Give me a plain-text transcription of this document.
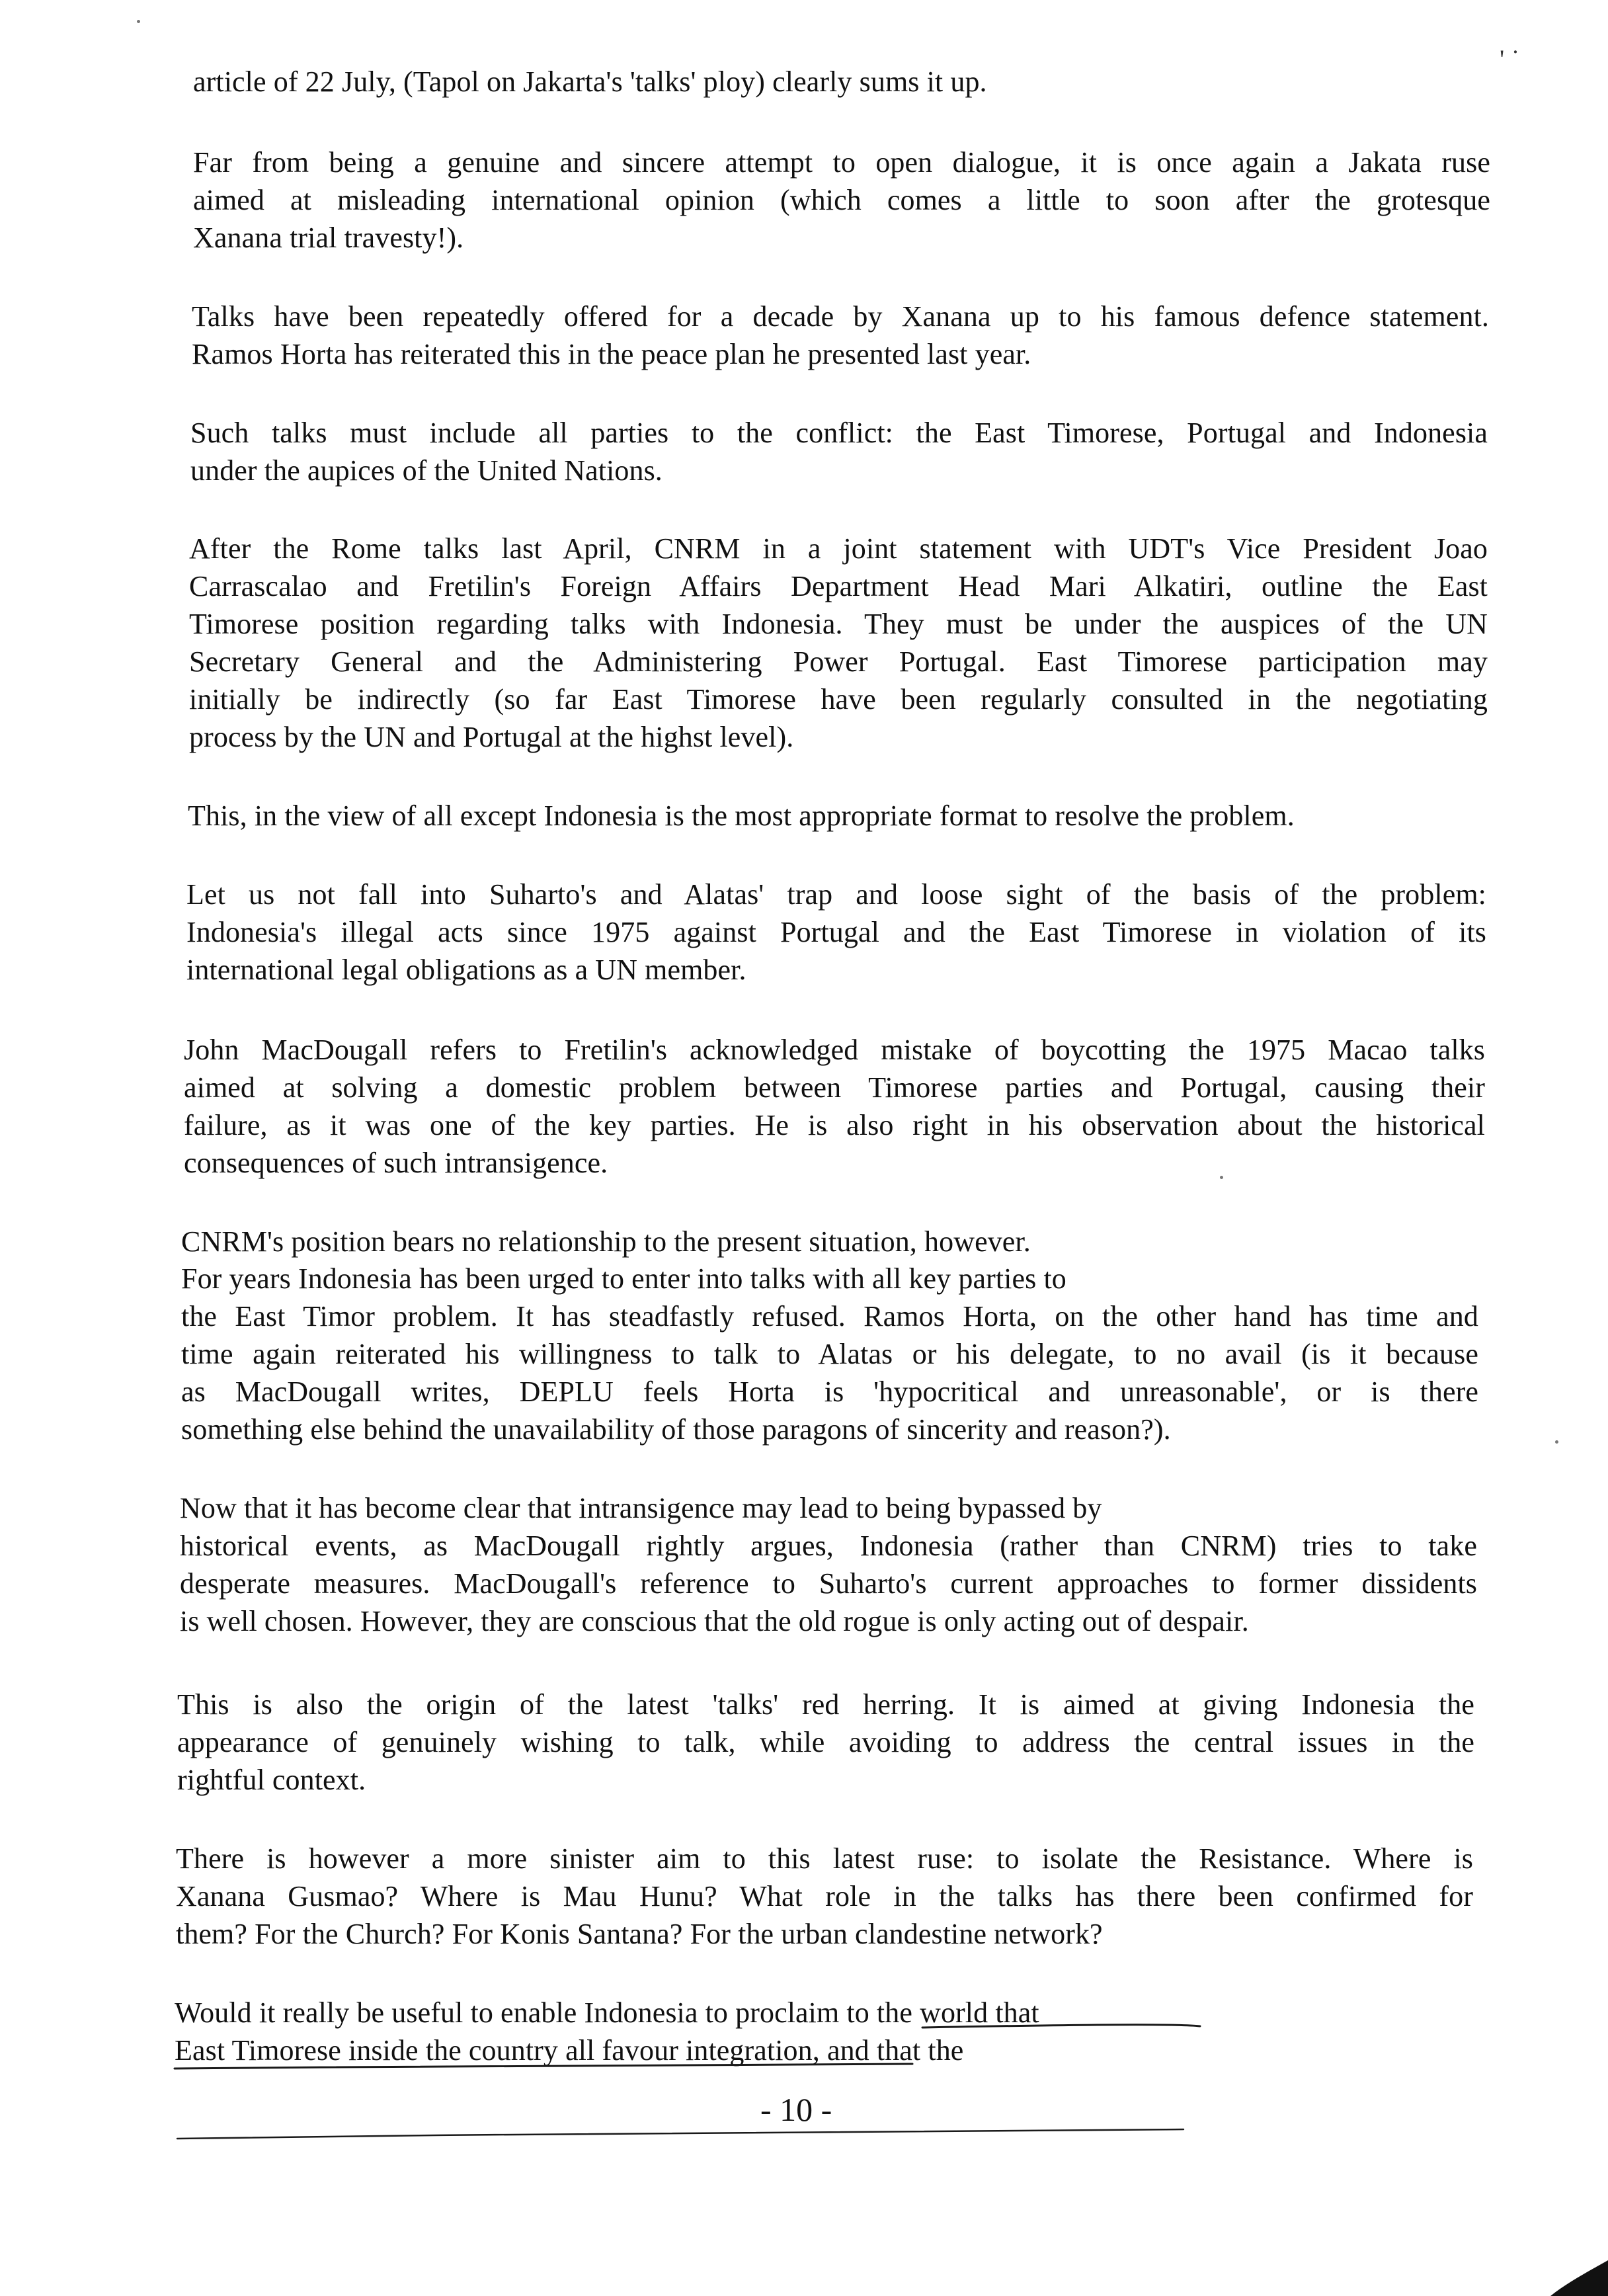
article of 22 July, (Tapol on Jakarta's 'talks' ploy) clearly sums it up.
Far from being a genuine and sincere attempt to open dialogue, it is once again a Jakata ruse
aimed at misleading international opinion (which comes a little to soon after the grotesque
Xanana trial travesty!).
Talks have been repeatedly offered for a decade by Xanana up to his famous defence statement.
Ramos Horta has reiterated this in the peace plan he presented last year.
Such talks must include all parties to the conflict: the East Timorese, Portugal and Indonesia
under the aupices of the United Nations.
After the Rome talks last April, CNRM in a joint statement with UDT's Vice President Joao
Carrascalao and Fretilin's Foreign Affairs Department Head Mari Alkatiri, outline the East
Timorese position regarding talks with Indonesia. They must be under the auspices of the UN
Secretary General and the Administering Power Portugal. East Timorese participation may
initially be indirectly (so far East Timorese have been regularly consulted in the negotiating
process by the UN and Portugal at the highst level).
This, in the view of all except Indonesia is the most appropriate format to resolve the problem.
Let us not fall into Suharto's and Alatas' trap and loose sight of the basis of the problem:
Indonesia's illegal acts since 1975 against Portugal and the East Timorese in violation of its
international legal obligations as a UN member.
John MacDougall refers to Fretilin's acknowledged mistake of boycotting the 1975 Macao talks
aimed at solving a domestic problem between Timorese parties and Portugal, causing their
failure, as it was one of the key parties. He is also right in his observation about the historical
consequences of such intransigence.
CNRM's position bears no relationship to the present situation, however.
For years Indonesia has been urged to enter into talks with all key parties to
the East Timor problem. It has steadfastly refused. Ramos Horta, on the other hand has time and
time again reiterated his willingness to talk to Alatas or his delegate, to no avail (is it because
as MacDougall writes, DEPLU feels Horta is 'hypocritical and unreasonable', or is there
something else behind the unavailability of those paragons of sincerity and reason?).
Now that it has become clear that intransigence may lead to being bypassed by
historical events, as MacDougall rightly argues, Indonesia (rather than CNRM) tries to take
desperate measures. MacDougall's reference to Suharto's current approaches to former dissidents
is well chosen. However, they are conscious that the old rogue is only acting out of despair.
This is also the origin of the latest 'talks' red herring. It is aimed at giving Indonesia the
appearance of genuinely wishing to talk, while avoiding to address the central issues in the
rightful context.
There is however a more sinister aim to this latest ruse: to isolate the Resistance. Where is
Xanana Gusmao? Where is Mau Hunu? What role in the talks has there been confirmed for
them? For the Church? For Konis Santana? For the urban clandestine network?
Would it really be useful to enable Indonesia to proclaim to the world that
East Timorese inside the country all favour integration, and that the
- 10 -
' ˙
